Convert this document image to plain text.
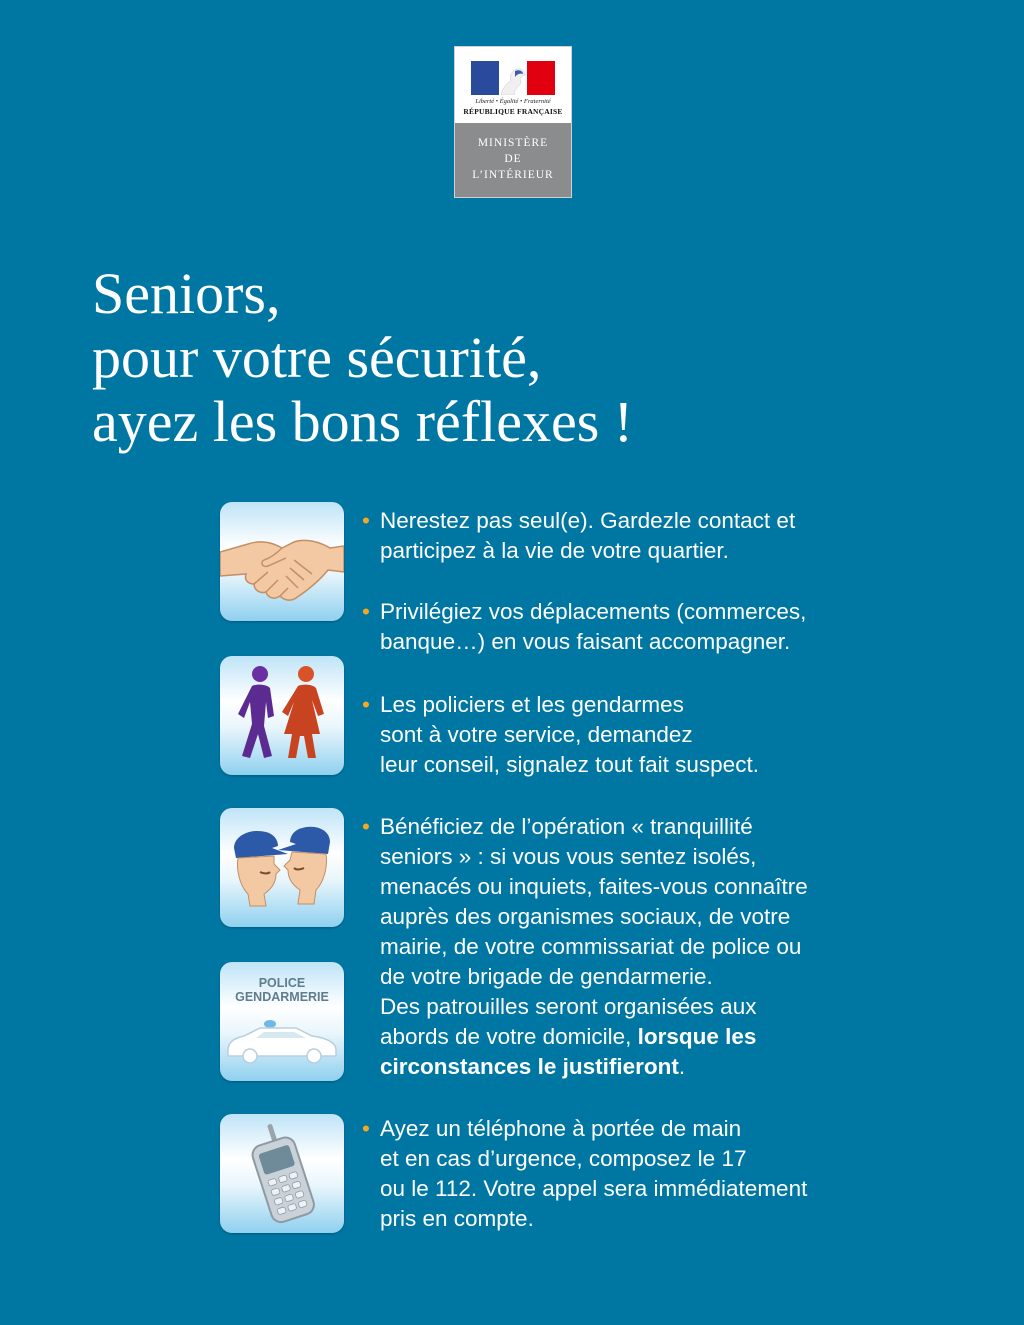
Liberté • Égalité • Fraternité
RÉPUBLIQUE FRANÇAISE
MINISTÈRE
DE
L’INTÉRIEUR
Seniors,
pour votre sécurité,
ayez les bons réflexes !
POLICE
GENDARMERIE
• Nerestez pas seul(e). Gardezle contact et
participez à la vie de votre quartier.
• Privilégiez vos déplacements (commerces,
banque…) en vous faisant accompagner.
• Les policiers et les gendarmes
sont à votre service, demandez
leur conseil, signalez tout fait suspect.
• Bénéficiez de l’opération « tranquillité
seniors » : si vous vous sentez isolés,
menacés ou inquiets, faites-vous connaître
auprès des organismes sociaux, de votre
mairie, de votre commissariat de police ou
de votre brigade de gendarmerie.
Des patrouilles seront organisées aux
abords de votre domicile, lorsque les
circonstances le justifieront.
• Ayez un téléphone à portée de main
et en cas d’urgence, composez le 17
ou le 112. Votre appel sera immédiatement
pris en compte.
